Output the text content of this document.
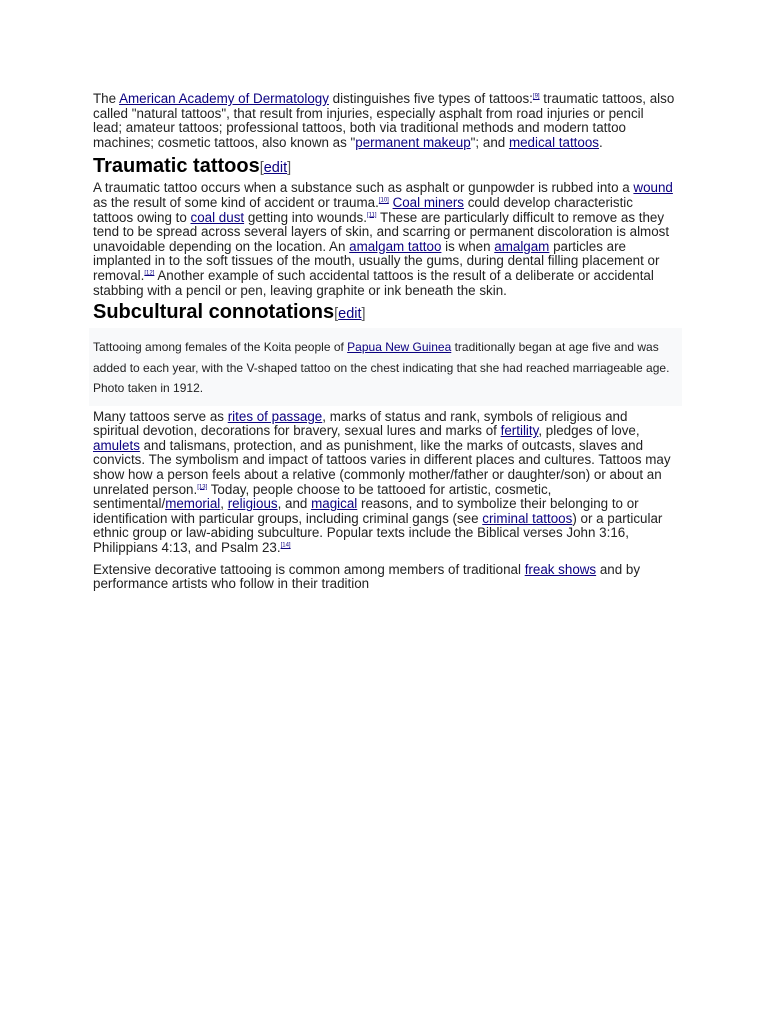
The American Academy of Dermatology distinguishes five types of tattoos:[9] traumatic tattoos, also called "natural tattoos", that result from injuries, especially asphalt from road injuries or pencil lead; amateur tattoos; professional tattoos, both via traditional methods and modern tattoo machines; cosmetic tattoos, also known as "permanent makeup"; and medical tattoos.

Traumatic tattoos[edit]

A traumatic tattoo occurs when a substance such as asphalt or gunpowder is rubbed into a wound as the result of some kind of accident or trauma.[10] Coal miners could develop characteristic tattoos owing to coal dust getting into wounds.[11] These are particularly difficult to remove as they tend to be spread across several layers of skin, and scarring or permanent discoloration is almost unavoidable depending on the location. An amalgam tattoo is when amalgam particles are implanted in to the soft tissues of the mouth, usually the gums, during dental filling placement or removal.[12] Another example of such accidental tattoos is the result of a deliberate or accidental stabbing with a pencil or pen, leaving graphite or ink beneath the skin.

Subcultural connotations[edit]
Tattooing among females of the Koita people of Papua New Guinea traditionally began at age five and was added to each year, with the V-shaped tattoo on the chest indicating that she had reached marriageable age. Photo taken in 1912.

Many tattoos serve as rites of passage, marks of status and rank, symbols of religious and spiritual devotion, decorations for bravery, sexual lures and marks of fertility, pledges of love, amulets and talismans, protection, and as punishment, like the marks of outcasts, slaves and convicts. The symbolism and impact of tattoos varies in different places and cultures. Tattoos may show how a person feels about a relative (commonly mother/father or daughter/son) or about an unrelated person.[13] Today, people choose to be tattooed for artistic, cosmetic, sentimental/memorial, religious, and magical reasons, and to symbolize their belonging to or identification with particular groups, including criminal gangs (see criminal tattoos) or a particular ethnic group or law-abiding subculture. Popular texts include the Biblical verses John 3:16, Philippians 4:13, and Psalm 23.[14]

Extensive decorative tattooing is common among members of traditional freak shows and by performance artists who follow in their tradition
